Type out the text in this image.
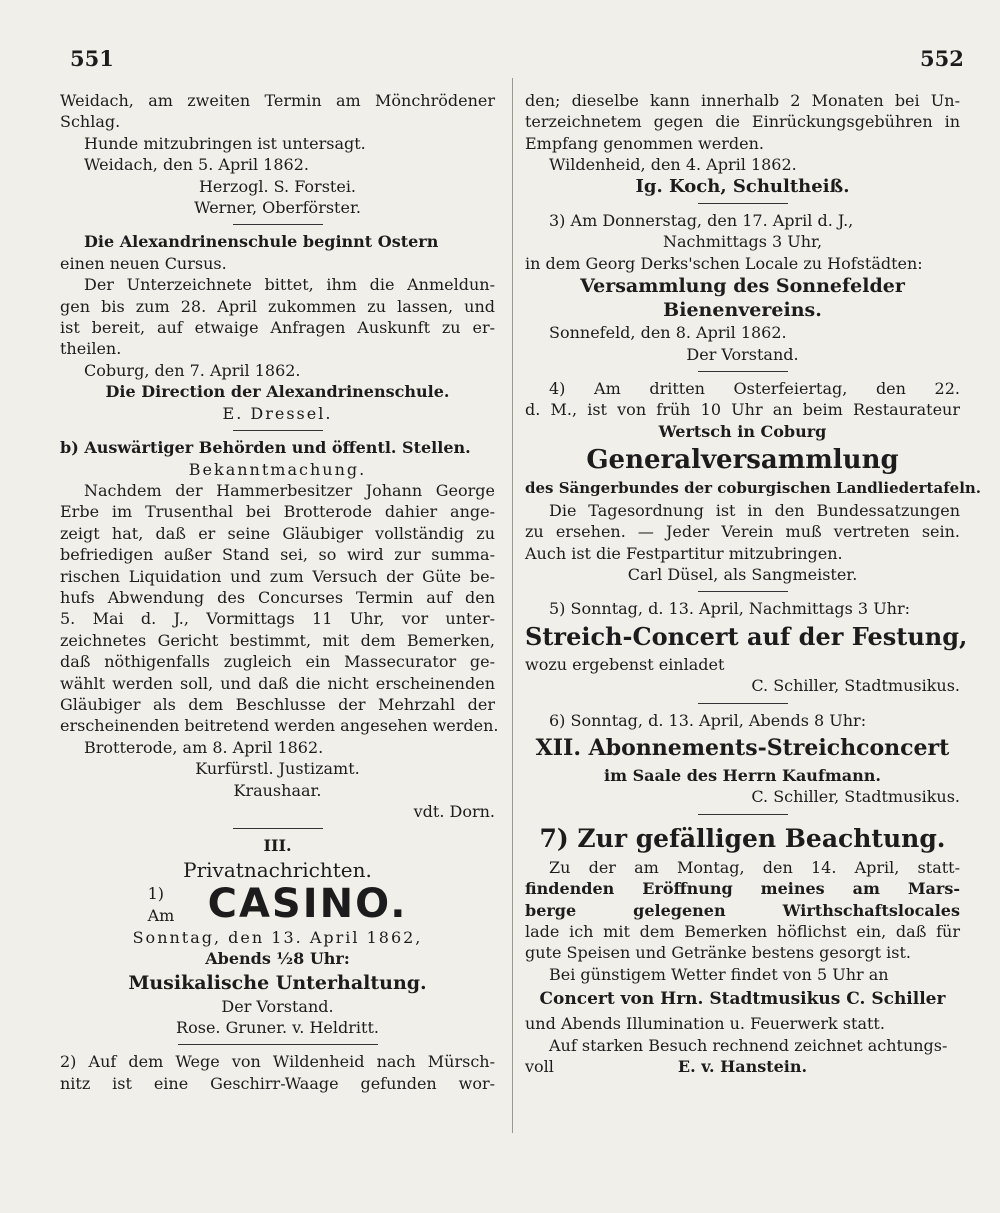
551	552
Weidach, am zweiten Termin am Mönchrödener
Schlag.
Hunde mitzubringen ist untersagt.
Weidach, den 5. April 1862.
Herzogl. S. Forstei.
Werner, Oberförster.
Die Alexandrinenschule beginnt Ostern
einen neuen Cursus.
Der Unterzeichnete bittet, ihm die Anmeldun-
gen bis zum 28. April zukommen zu lassen, und
ist bereit, auf etwaige Anfragen Auskunft zu er-
theilen.
Coburg, den 7. April 1862.
Die Direction der Alexandrinenschule.
E. Dressel.
b) Auswärtiger Behörden und öffentl. Stellen.
Bekanntmachung.
Nachdem der Hammerbesitzer Johann George
Erbe im Trusenthal bei Brotterode dahier ange-
zeigt hat, daß er seine Gläubiger vollständig zu
befriedigen außer Stand sei, so wird zur summa-
rischen Liquidation und zum Versuch der Güte be-
hufs Abwendung des Concurses Termin auf den
5. Mai d. J., Vormittags 11 Uhr, vor unter-
zeichnetes Gericht bestimmt, mit dem Bemerken,
daß nöthigenfalls zugleich ein Massecurator ge-
wählt werden soll, und daß die nicht erscheinenden
Gläubiger als dem Beschlusse der Mehrzahl der
erscheinenden beitretend werden angesehen werden.
Brotterode, am 8. April 1862.
Kurfürstl. Justizamt.
Kraushaar.
vdt. Dorn.
III.
Privatnachrichten.
1)
Am CASINO.
Sonntag, den 13. April 1862,
Abends ½8 Uhr:
Musikalische Unterhaltung.
Der Vorstand.
Rose. Gruner. v. Heldritt.
2) Auf dem Wege von Wildenheid nach Mürsch-
nitz ist eine Geschirr-Waage gefunden wor-
den; dieselbe kann innerhalb 2 Monaten bei Un-
terzeichnetem gegen die Einrückungsgebühren in
Empfang genommen werden.
Wildenheid, den 4. April 1862.
Ig. Koch, Schultheiß.
3) Am Donnerstag, den 17. April d. J.,
Nachmittags 3 Uhr,
in dem Georg Derks'schen Locale zu Hofstädten:
Versammlung des Sonnefelder
Bienenvereins.
Sonnefeld, den 8. April 1862.
Der Vorstand.
4) Am dritten Osterfeiertag, den 22.
d. M., ist von früh 10 Uhr an beim Restaurateur
Wertsch in Coburg
Generalversammlung
des Sängerbundes der coburgischen Landliedertafeln.
Die Tagesordnung ist in den Bundessatzungen
zu ersehen. — Jeder Verein muß vertreten sein.
Auch ist die Festpartitur mitzubringen.
Carl Düsel, als Sangmeister.
5) Sonntag, d. 13. April, Nachmittags 3 Uhr:
Streich-Concert auf der Festung,
wozu ergebenst einladet
C. Schiller, Stadtmusikus.
6) Sonntag, d. 13. April, Abends 8 Uhr:
XII. Abonnements-Streichconcert
im Saale des Herrn Kaufmann.
C. Schiller, Stadtmusikus.
7) Zur gefälligen Beachtung.
Zu der am Montag, den 14. April, statt-
findenden Eröffnung meines am Mars-
berge gelegenen Wirthschaftslocales
lade ich mit dem Bemerken höflichst ein, daß für
gute Speisen und Getränke bestens gesorgt ist.
Bei günstigem Wetter findet von 5 Uhr an
Concert von Hrn. Stadtmusikus C. Schiller
und Abends Illumination u. Feuerwerk statt.
Auf starken Besuch rechnend zeichnet achtungs-
voll	E. v. Hanstein.
